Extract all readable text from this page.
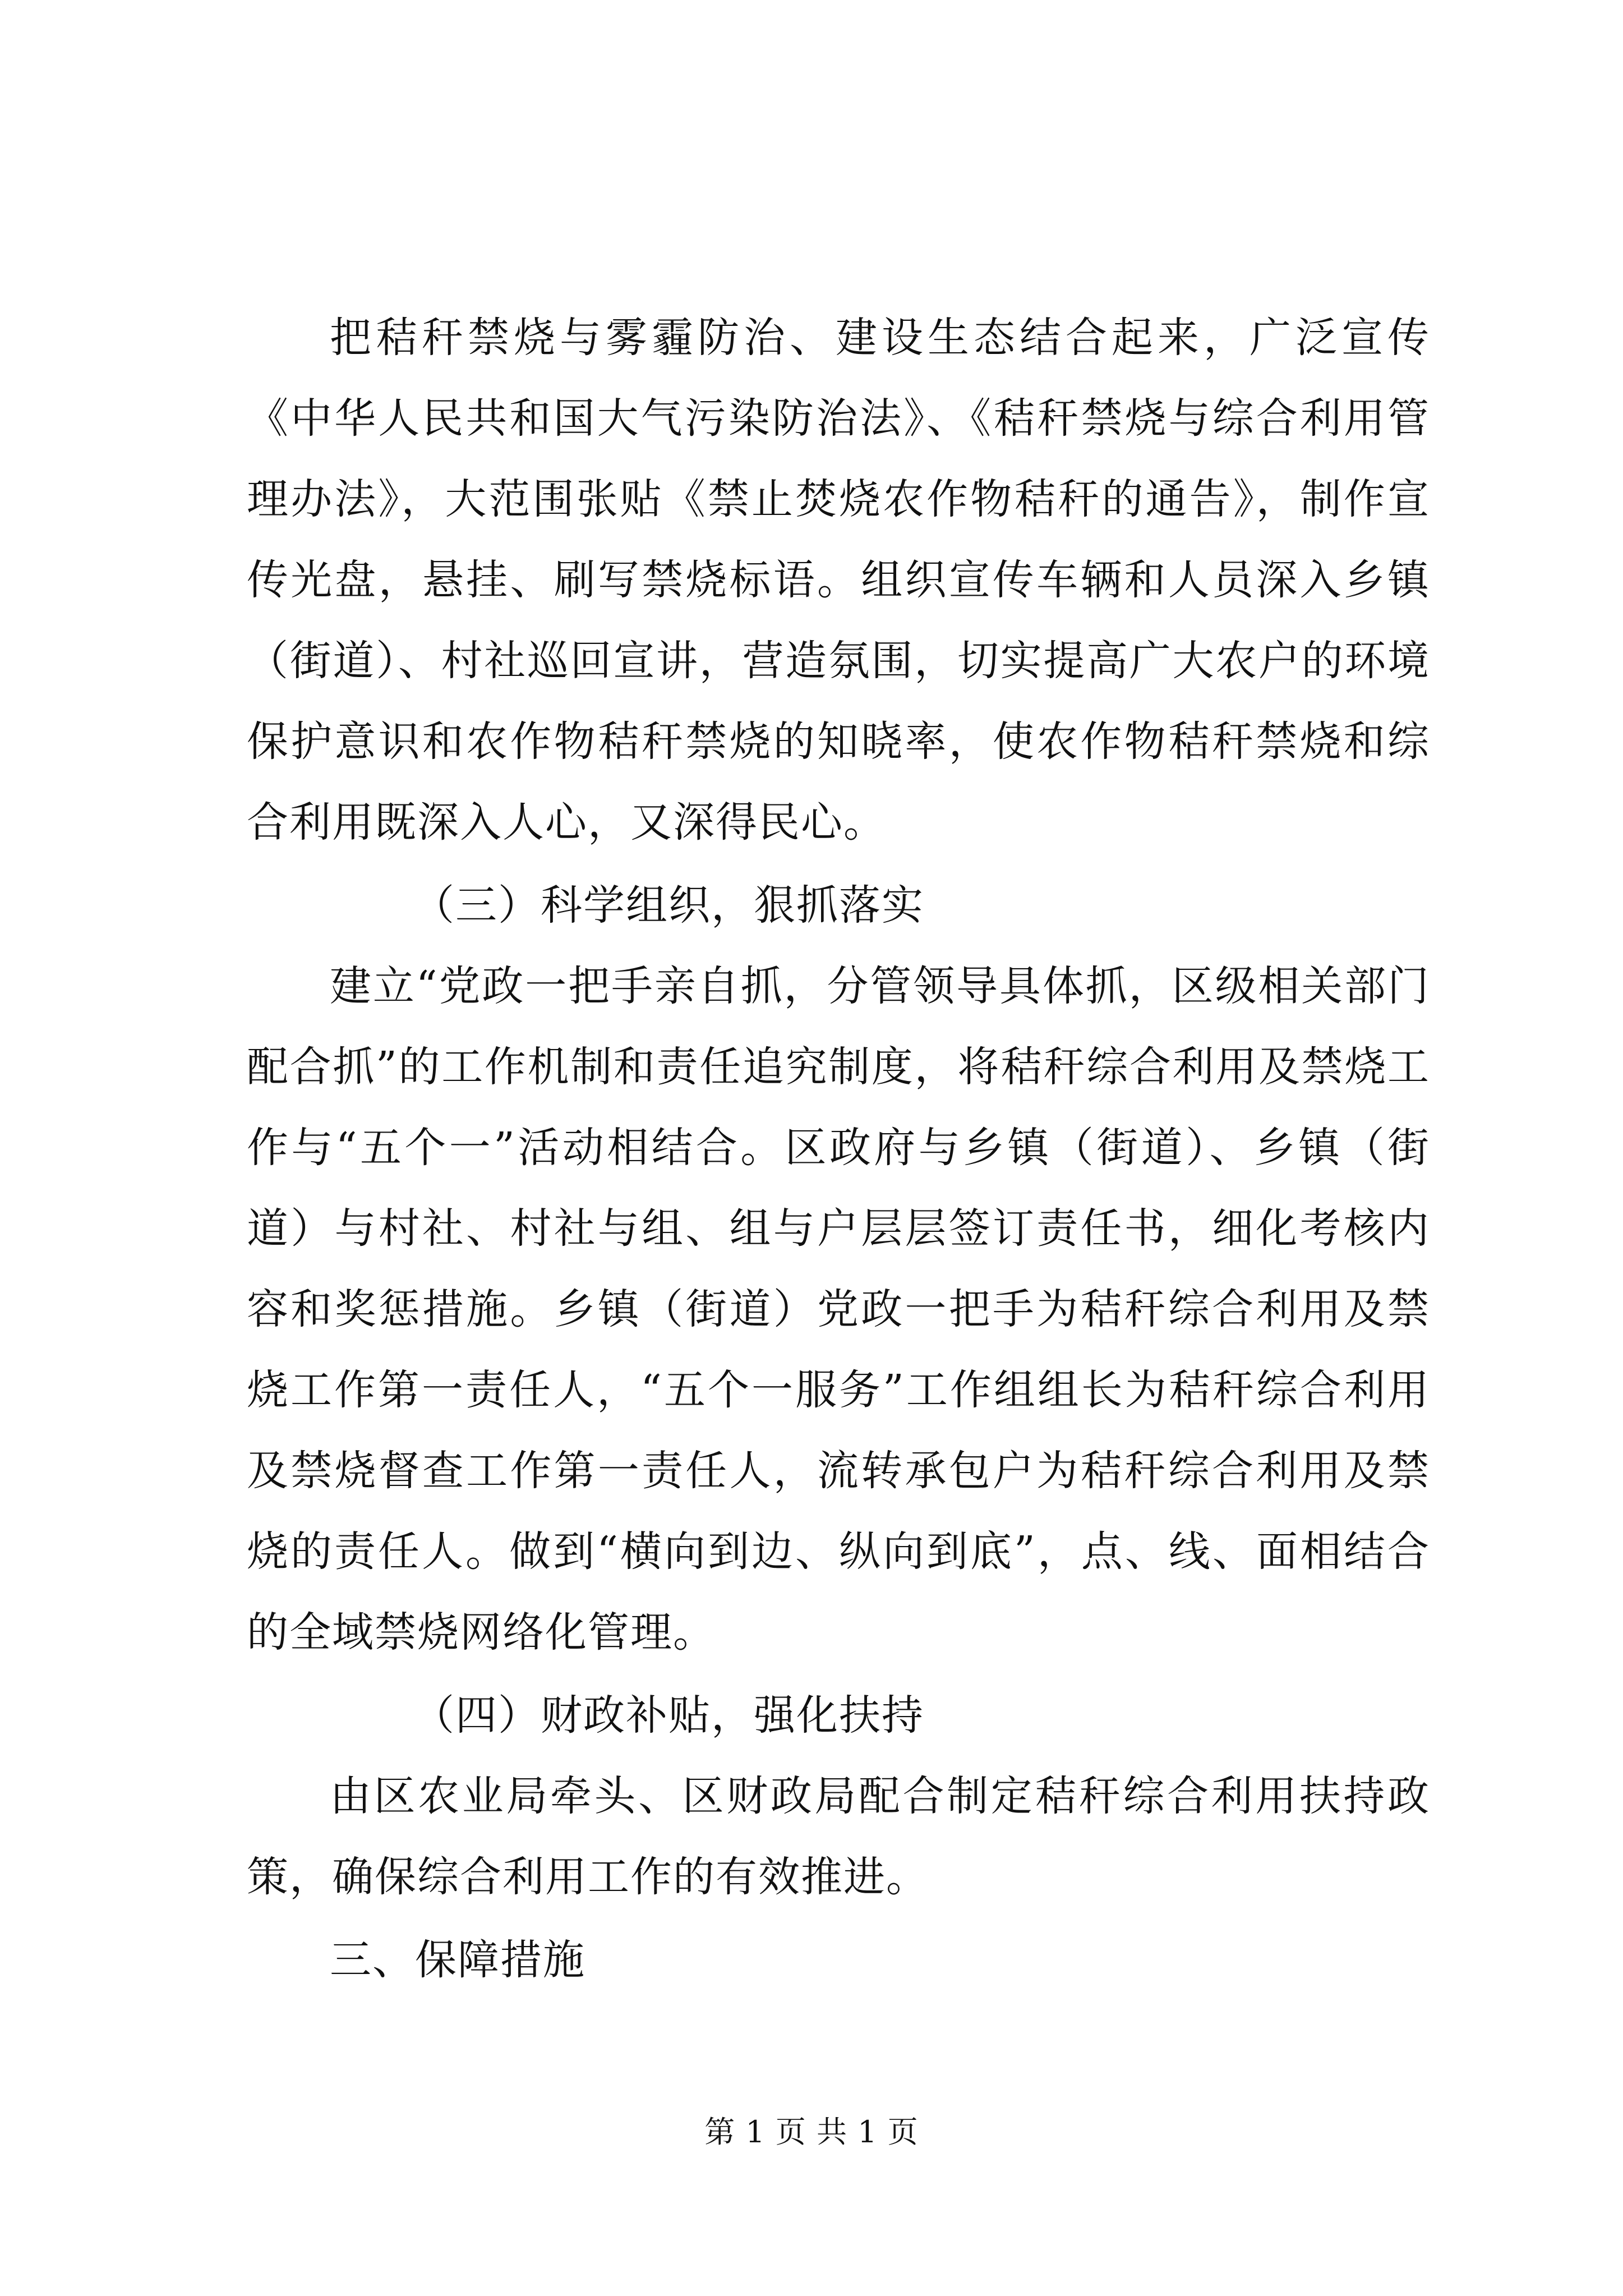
把秸秆禁烧与雾霾防治、建设生态结合起来，广泛宣传《中华人民共和国大气污染防治法》、《秸秆禁烧与综合利用管理办法》，大范围张贴《禁止焚烧农作物秸秆的通告》，制作宣传光盘，悬挂、刷写禁烧标语。组织宣传车辆和人员深入乡镇（街道）、村社巡回宣讲，营造氛围，切实提高广大农户的环境保护意识和农作物秸秆禁烧的知晓率，使农作物秸秆禁烧和综合利用既深入人心，又深得民心。

（三）科学组织，狠抓落实

建立“党政一把手亲自抓，分管领导具体抓，区级相关部门配合抓”的工作机制和责任追究制度，将秸秆综合利用及禁烧工作与“五个一”活动相结合。区政府与乡镇（街道）、乡镇（街道）与村社、村社与组、组与户层层签订责任书，细化考核内容和奖惩措施。乡镇（街道）党政一把手为秸秆综合利用及禁烧工作第一责任人，“五个一服务”工作组组长为秸秆综合利用及禁烧督查工作第一责任人，流转承包户为秸秆综合利用及禁烧的责任人。做到“横向到边、纵向到底”，点、线、面相结合的全域禁烧网络化管理。

（四）财政补贴，强化扶持

由区农业局牵头、区财政局配合制定秸秆综合利用扶持政策，确保综合利用工作的有效推进。

三、保障措施

第 1 页 共 1 页
